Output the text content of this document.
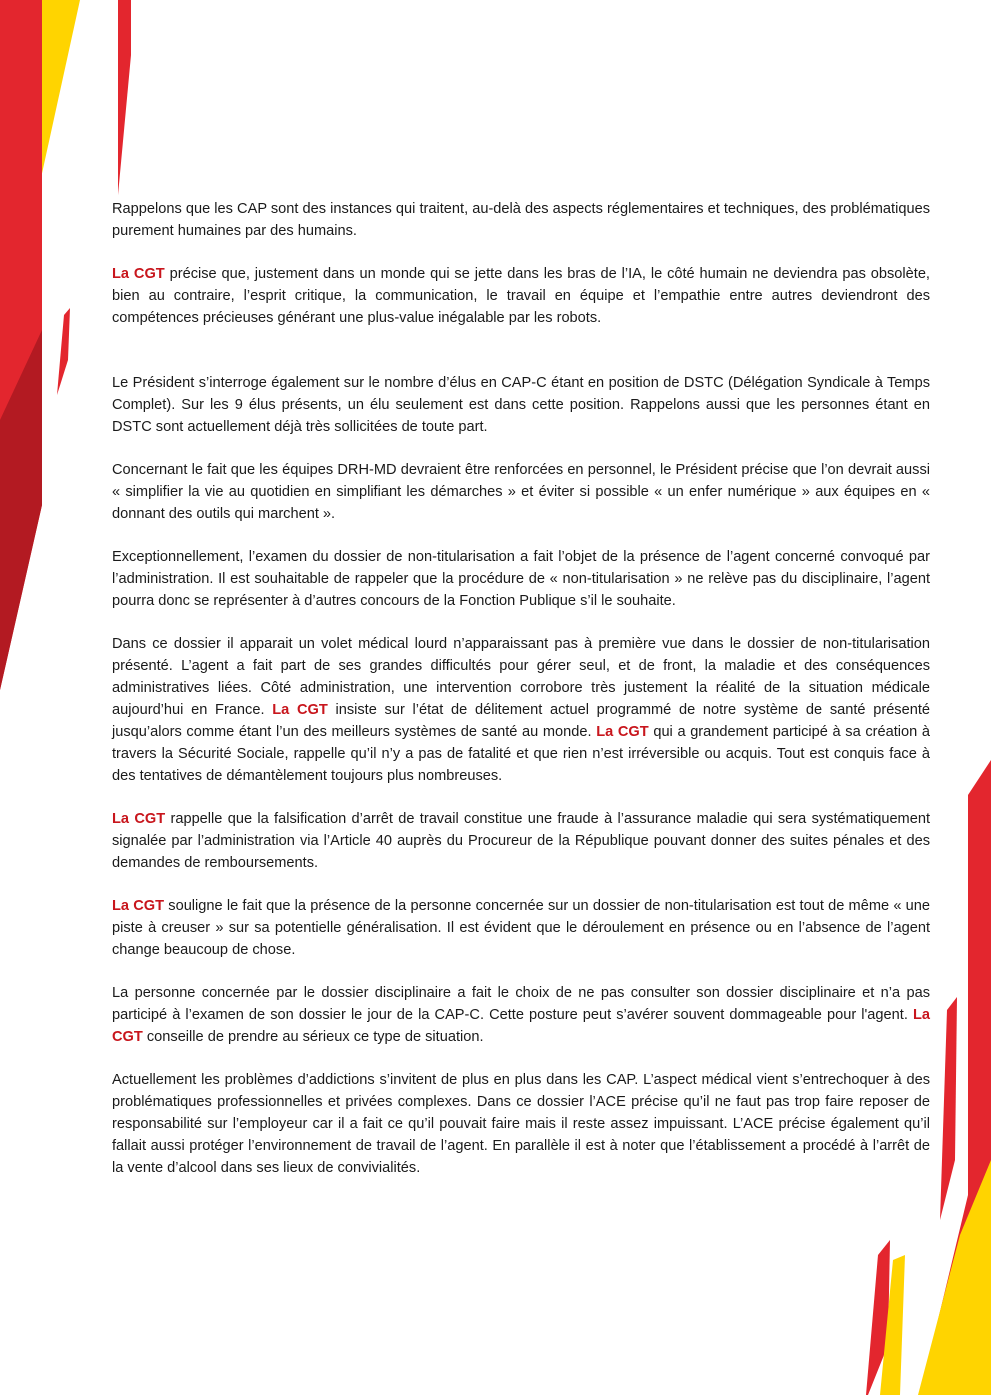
Rappelons que les CAP sont des instances qui traitent, au-delà des aspects réglementaires et techniques, des problématiques purement humaines par des humains.

La CGT précise que, justement dans un monde qui se jette dans les bras de l’IA, le côté humain ne deviendra pas obsolète, bien au contraire, l’esprit critique, la communication, le travail en équipe et l’empathie entre autres deviendront des compétences précieuses générant une plus-value inégalable par les robots.

Le Président s’interroge également sur le nombre d’élus en CAP-C étant en position de DSTC (Délégation Syndicale à Temps Complet). Sur les 9 élus présents, un élu seulement est dans cette position. Rappelons aussi que les personnes étant en DSTC sont actuellement déjà très sollicitées de toute part.

Concernant le fait que les équipes DRH-MD devraient être renforcées en personnel, le Président précise que l’on devrait aussi « simplifier la vie au quotidien en simplifiant les démarches » et éviter si possible « un enfer numérique » aux équipes en « donnant des outils qui marchent ».

Exceptionnellement, l’examen du dossier de non-titularisation a fait l’objet de la présence de l’agent concerné convoqué par l’administration. Il est souhaitable de rappeler que la procédure de « non-titularisation » ne relève pas du disciplinaire, l’agent pourra donc se représenter à d’autres concours de la Fonction Publique s’il le souhaite.

Dans ce dossier il apparait un volet médical lourd n’apparaissant pas à première vue dans le dossier de non-titularisation présenté. L’agent a fait part de ses grandes difficultés pour gérer seul, et de front, la maladie et des conséquences administratives liées. Côté administration, une intervention corrobore très justement la réalité de la situation médicale aujourd’hui en France. La CGT insiste sur l’état de délitement actuel programmé de notre système de santé présenté jusqu’alors comme étant l’un des meilleurs systèmes de santé au monde. La CGT qui a grandement participé à sa création à travers la Sécurité Sociale, rappelle qu’il n’y a pas de fatalité et que rien n’est irréversible ou acquis. Tout est conquis face à des tentatives de démantèlement toujours plus nombreuses.

La CGT rappelle que la falsification d’arrêt de travail constitue une fraude à l’assurance maladie qui sera systématiquement signalée par l’administration via l’Article 40 auprès du Procureur de la République pouvant donner des suites pénales et des demandes de remboursements.

La CGT souligne le fait que la présence de la personne concernée sur un dossier de non-titularisation est tout de même « une piste à creuser » sur sa potentielle généralisation. Il est évident que le déroulement en présence ou en l’absence de l’agent change beaucoup de chose.

La personne concernée par le dossier disciplinaire a fait le choix de ne pas consulter son dossier disciplinaire et n’a pas participé à l’examen de son dossier le jour de la CAP-C. Cette posture peut s’avérer souvent dommageable pour l'agent. La CGT conseille de prendre au sérieux ce type de situation.

Actuellement les problèmes d’addictions s’invitent de plus en plus dans les CAP. L’aspect médical vient s’entrechoquer à des problématiques professionnelles et privées complexes. Dans ce dossier l’ACE précise qu’il ne faut pas trop faire reposer de responsabilité sur l’employeur car il a fait ce qu’il pouvait faire mais il reste assez impuissant. L’ACE précise également qu’il fallait aussi protéger l’environnement de travail de l’agent. En parallèle il est à noter que l’établissement a procédé à l’arrêt de la vente d’alcool dans ses lieux de convivialités.
